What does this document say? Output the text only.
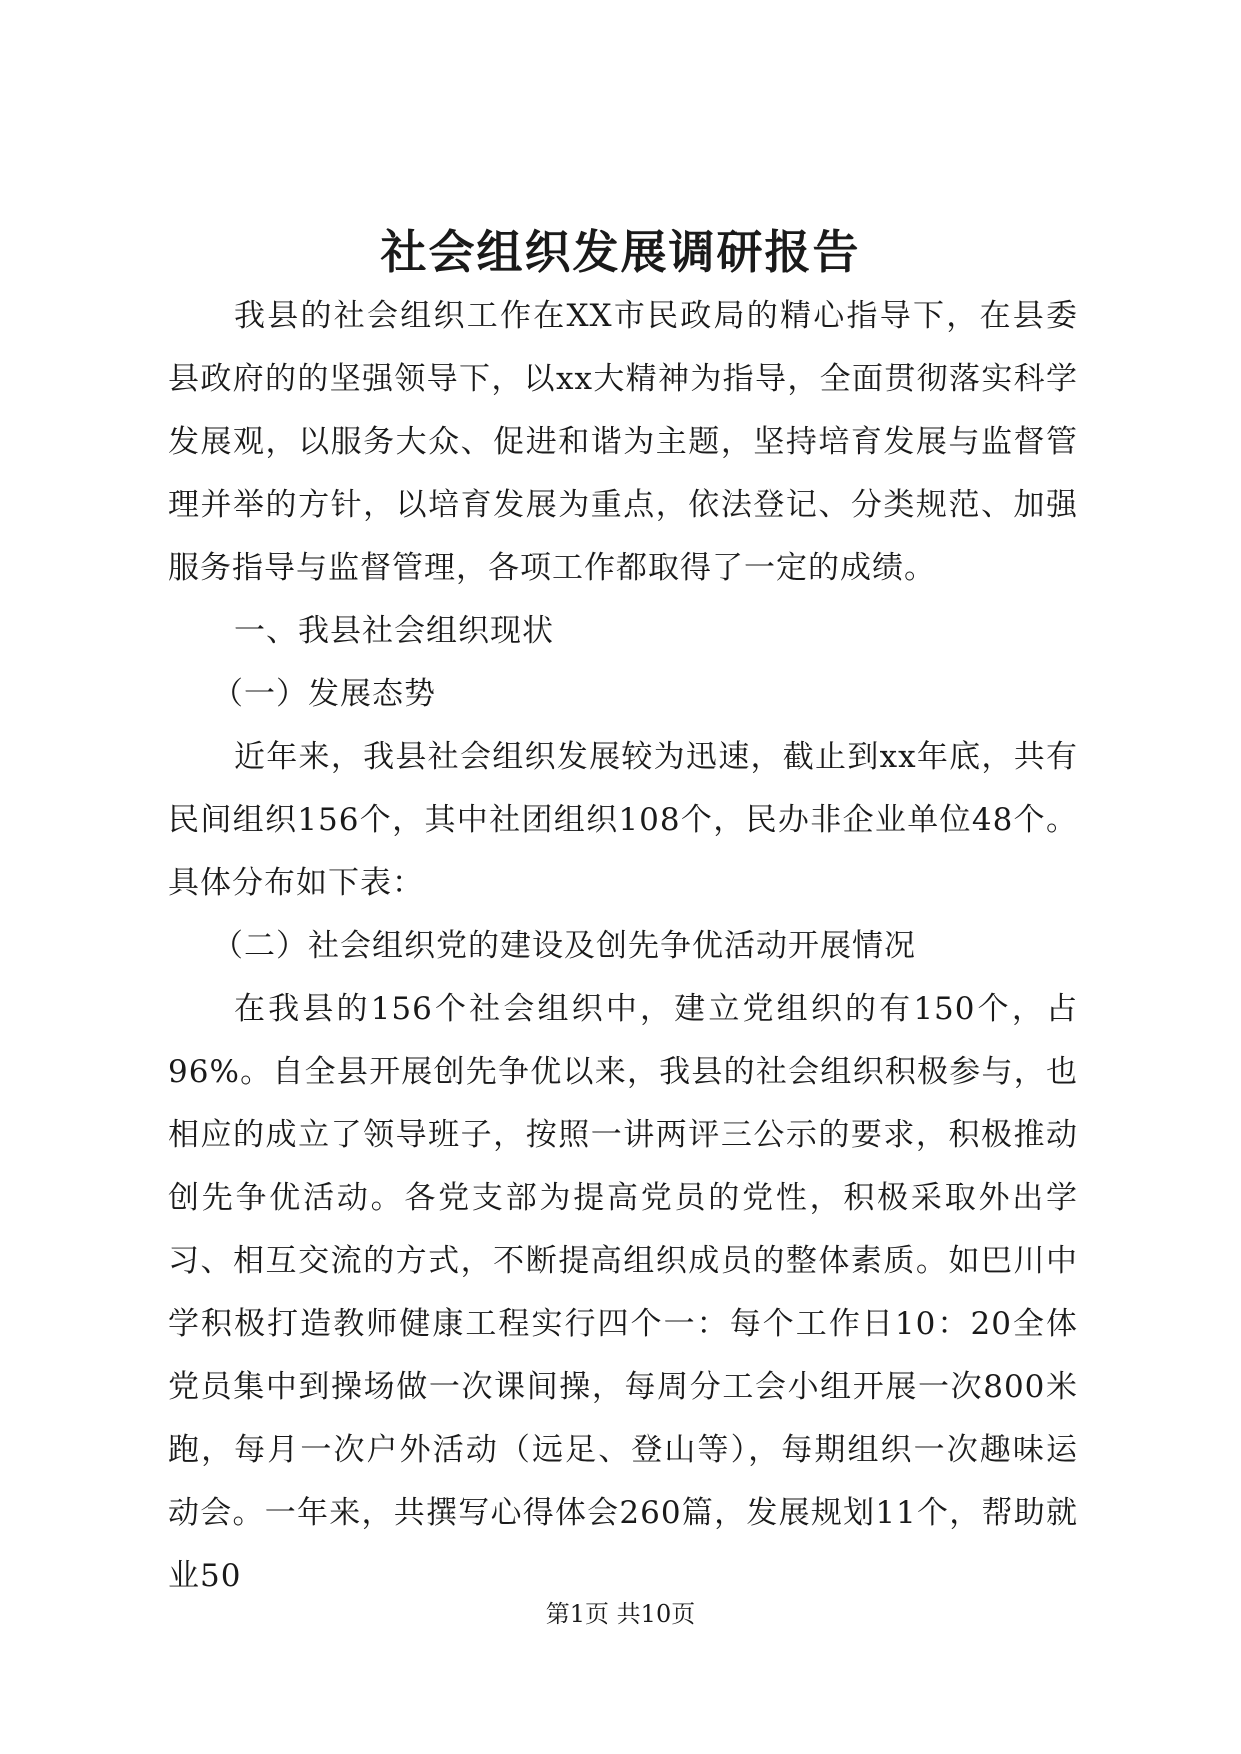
社会组织发展调研报告

我县的社会组织工作在XX市民政局的精心指导下，在县委县政府的的坚强领导下，以xx大精神为指导，全面贯彻落实科学发展观，以服务大众、促进和谐为主题，坚持培育发展与监督管理并举的方针，以培育发展为重点，依法登记、分类规范、加强服务指导与监督管理，各项工作都取得了一定的成绩。

一、我县社会组织现状

（一）发展态势

近年来，我县社会组织发展较为迅速，截止到xx年底，共有民间组织156个，其中社团组织108个，民办非企业单位48个。具体分布如下表：

（二）社会组织党的建设及创先争优活动开展情况

在我县的156个社会组织中，建立党组织的有150个，占96%。自全县开展创先争优以来，我县的社会组织积极参与，也相应的成立了领导班子，按照一讲两评三公示的要求，积极推动创先争优活动。各党支部为提高党员的党性，积极采取外出学习、相互交流的方式，不断提高组织成员的整体素质。如巴川中学积极打造教师健康工程实行四个一：每个工作日10：20全体党员集中到操场做一次课间操，每周分工会小组开展一次800米跑，每月一次户外活动（远足、登山等），每期组织一次趣味运动会。一年来，共撰写心得体会260篇，发展规划11个，帮助就业50

第1页 共10页
